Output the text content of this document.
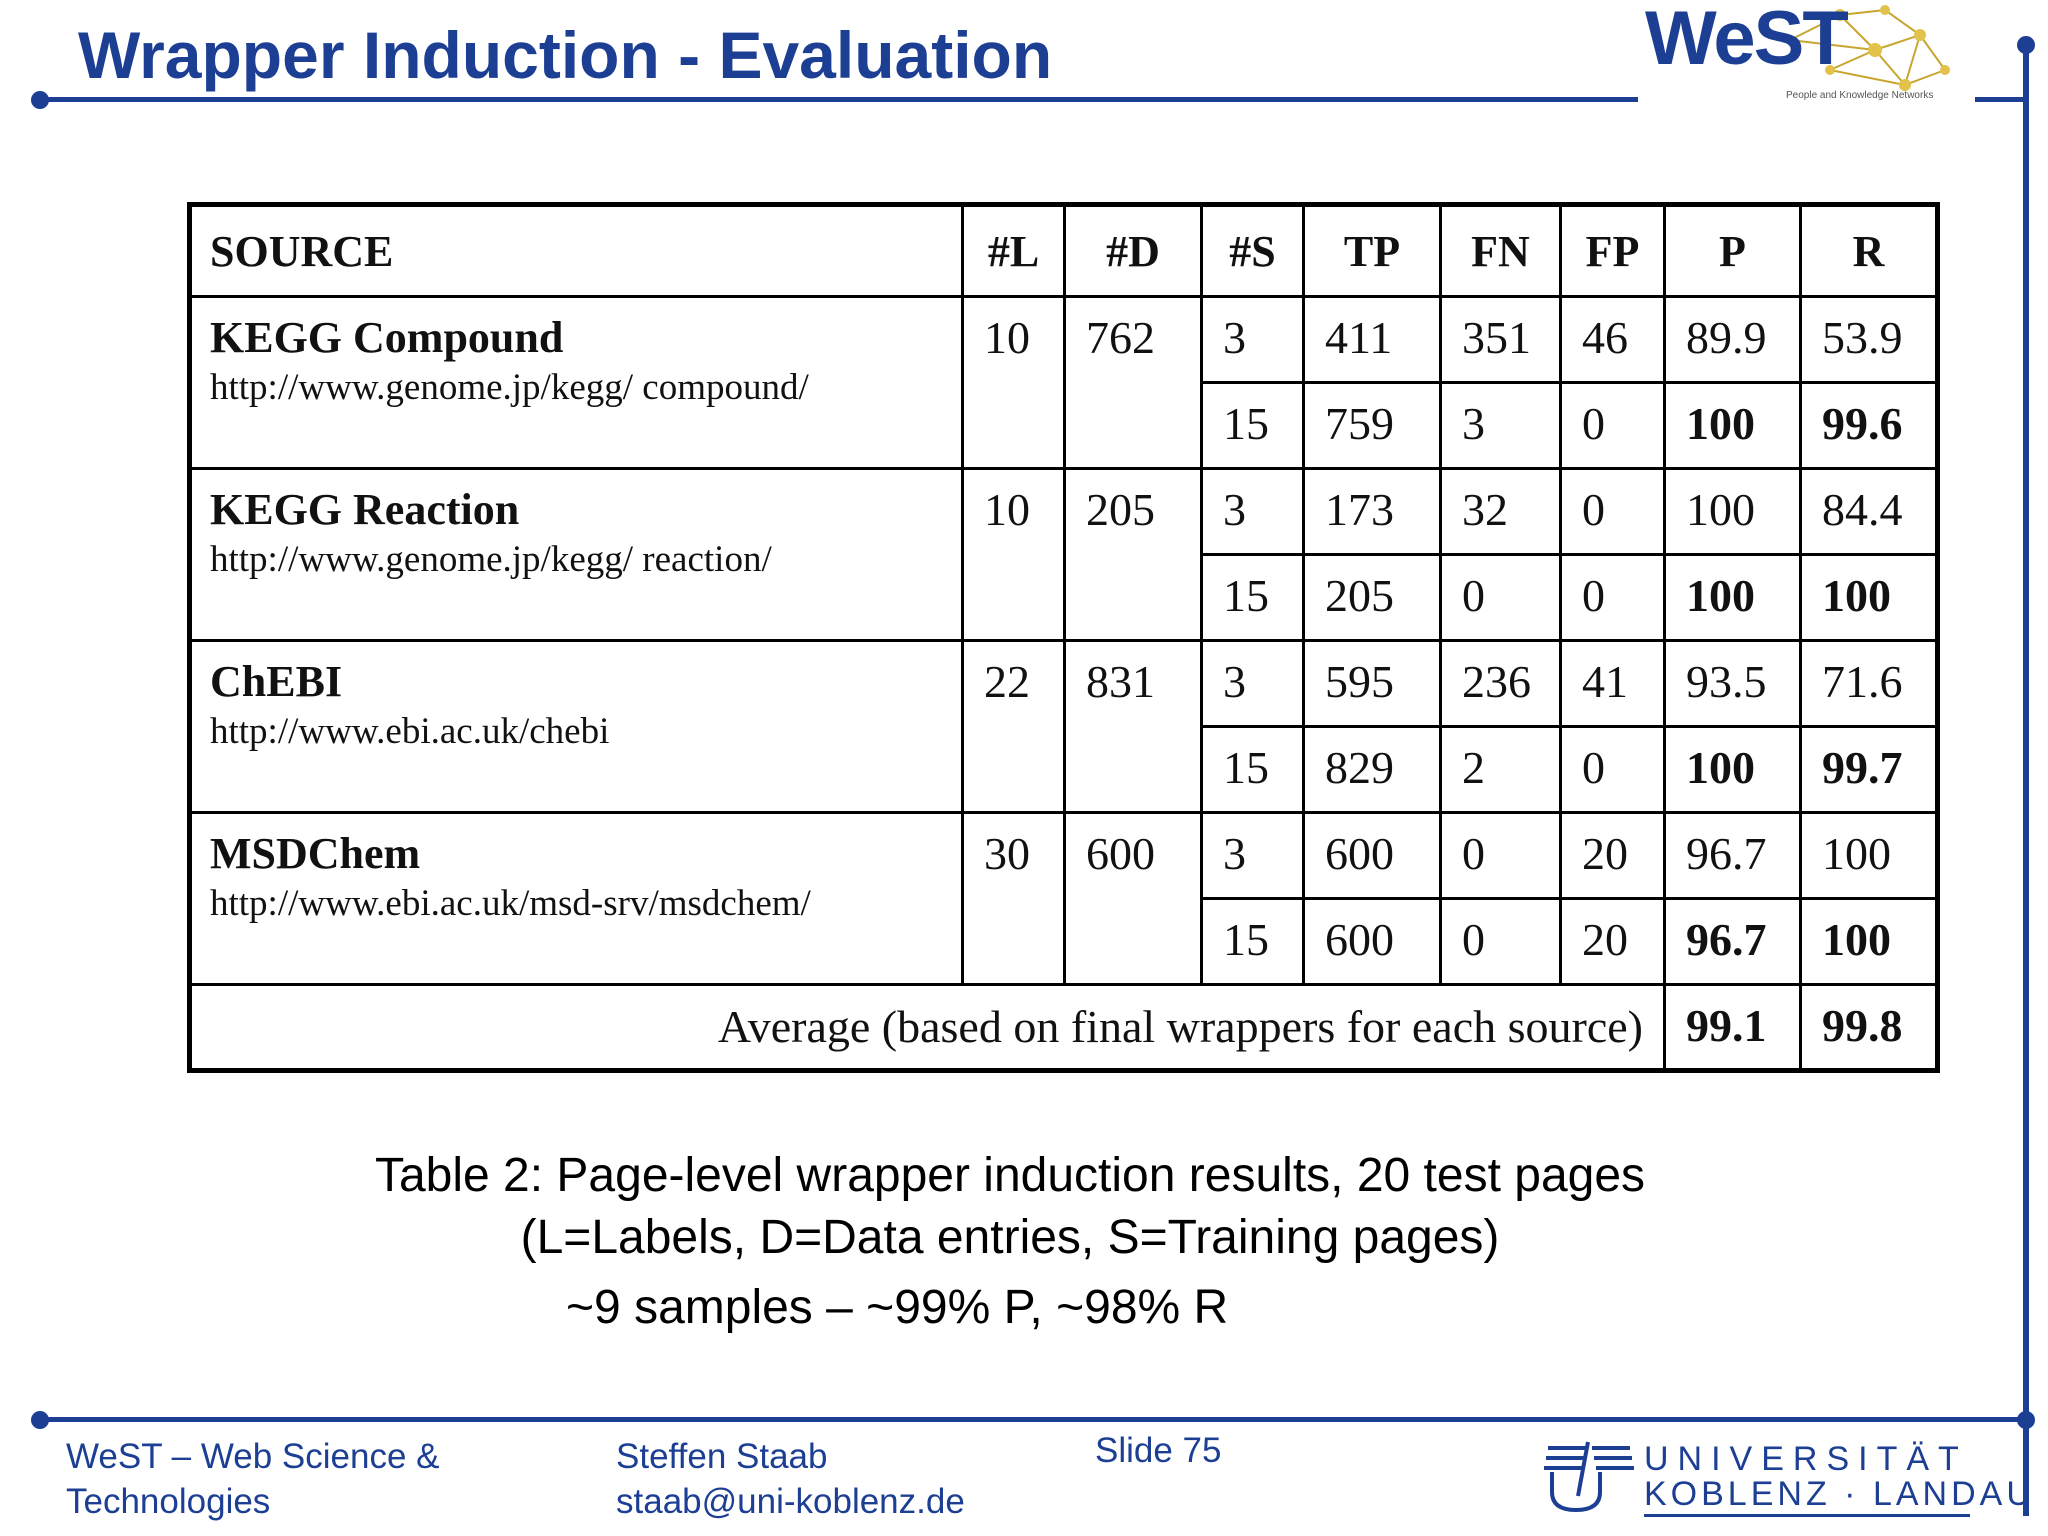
Wrapper Induction - Evaluation	WeST
People and Knowledge Networks
SOURCE	#L	#D	#S	TP	FN	FP	P	R

KEGG Compound
http://www.genome.jp/kegg/ compound/	10	762	3	411	351	46	89.9	53.9
			15	759	3	0	100	99.6

KEGG Reaction
http://www.genome.jp/kegg/ reaction/	10	205	3	173	32	0	100	84.4
			15	205	0	0	100	100

ChEBI
http://www.ebi.ac.uk/chebi	22	831	3	595	236	41	93.5	71.6
			15	829	2	0	100	99.7

MSDChem
http://www.ebi.ac.uk/msd-srv/msdchem/	30	600	3	600	0	20	96.7	100
			15	600	0	20	96.7	100
Average (based on final wrappers for each source)							99.1	99.8
Table 2: Page-level wrapper induction results, 20 test pages
(L=Labels, D=Data entries, S=Training pages)
~9 samples – ~99% P, ~98% R
WeST – Web Science &
Technologies
Steffen Staab
staab@uni-koblenz.de
Slide 75	UNIVERSITÄT
KOBLENZ · LANDAU
